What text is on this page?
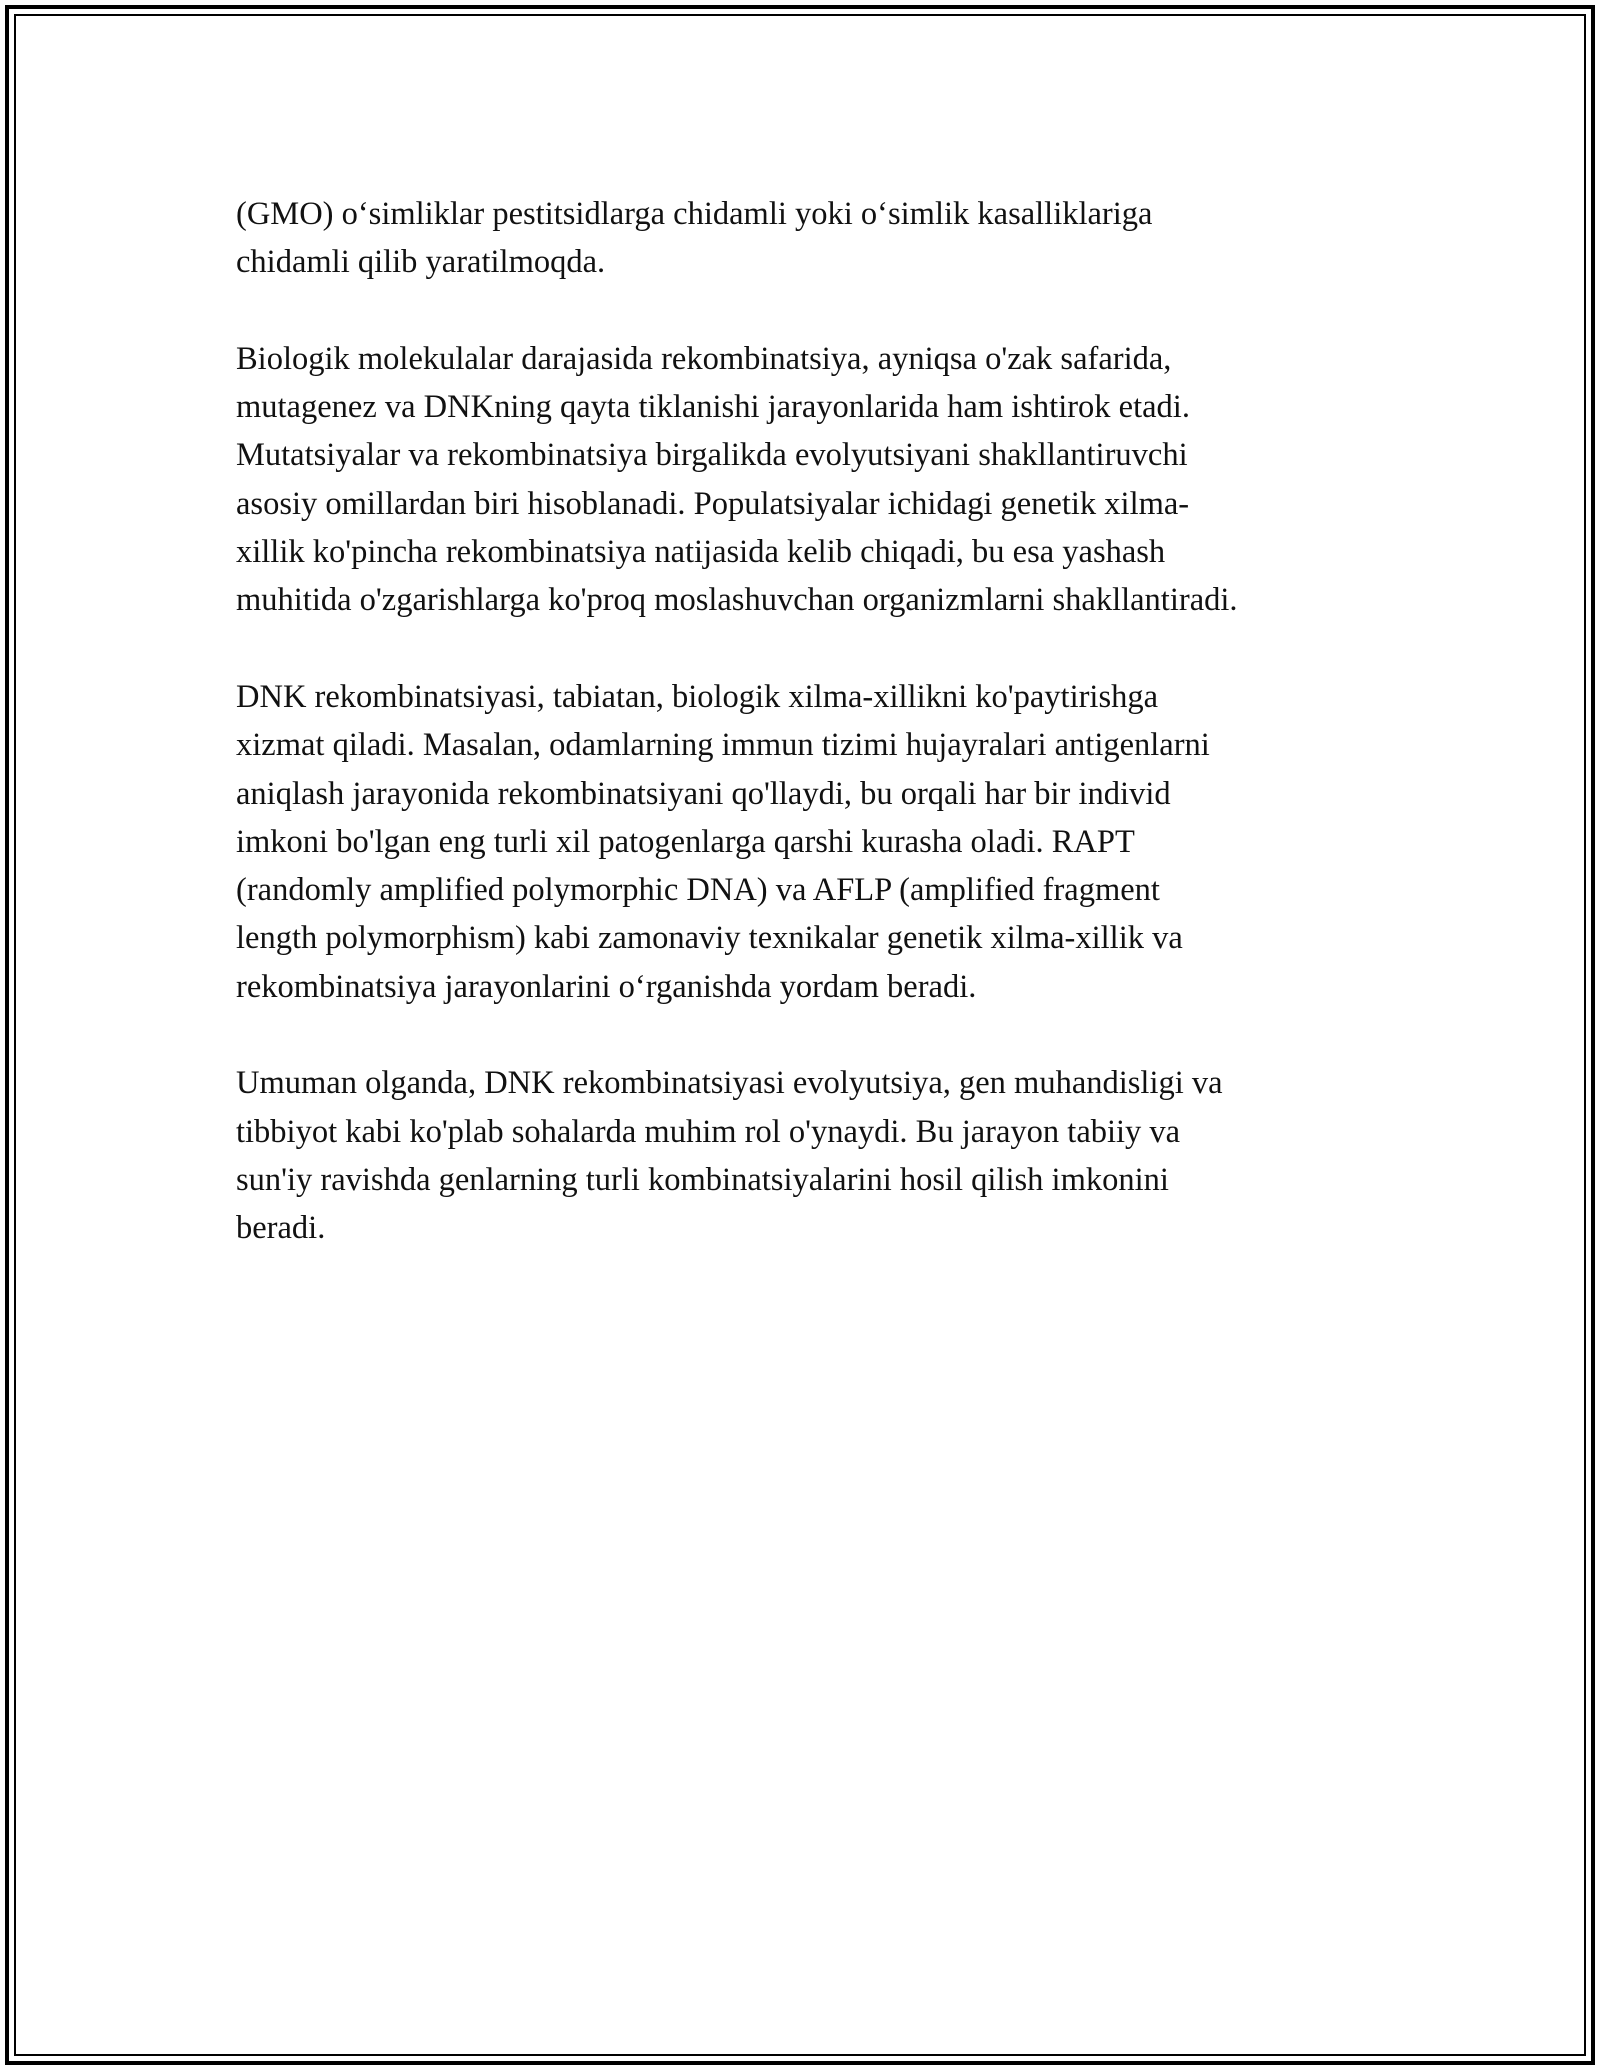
(GMO) o‘simliklar pestitsidlarga chidamli yoki o‘simlik kasalliklariga
chidamli qilib yaratilmoqda.

Biologik molekulalar darajasida rekombinatsiya, ayniqsa o'zak safarida,
mutagenez va DNKning qayta tiklanishi jarayonlarida ham ishtirok etadi.
Mutatsiyalar va rekombinatsiya birgalikda evolyutsiyani shakllantiruvchi
asosiy omillardan biri hisoblanadi. Populatsiyalar ichidagi genetik xilma-
xillik ko'pincha rekombinatsiya natijasida kelib chiqadi, bu esa yashash
muhitida o'zgarishlarga ko'proq moslashuvchan organizmlarni shakllantiradi.

DNK rekombinatsiyasi, tabiatan, biologik xilma-xillikni ko'paytirishga
xizmat qiladi. Masalan, odamlarning immun tizimi hujayralari antigenlarni
aniqlash jarayonida rekombinatsiyani qo'llaydi, bu orqali har bir individ
imkoni bo'lgan eng turli xil patogenlarga qarshi kurasha oladi. RAPT
(randomly amplified polymorphic DNA) va AFLP (amplified fragment
length polymorphism) kabi zamonaviy texnikalar genetik xilma-xillik va
rekombinatsiya jarayonlarini o‘rganishda yordam beradi.

Umuman olganda, DNK rekombinatsiyasi evolyutsiya, gen muhandisligi va
tibbiyot kabi ko'plab sohalarda muhim rol o'ynaydi. Bu jarayon tabiiy va
sun'iy ravishda genlarning turli kombinatsiyalarini hosil qilish imkonini
beradi.
